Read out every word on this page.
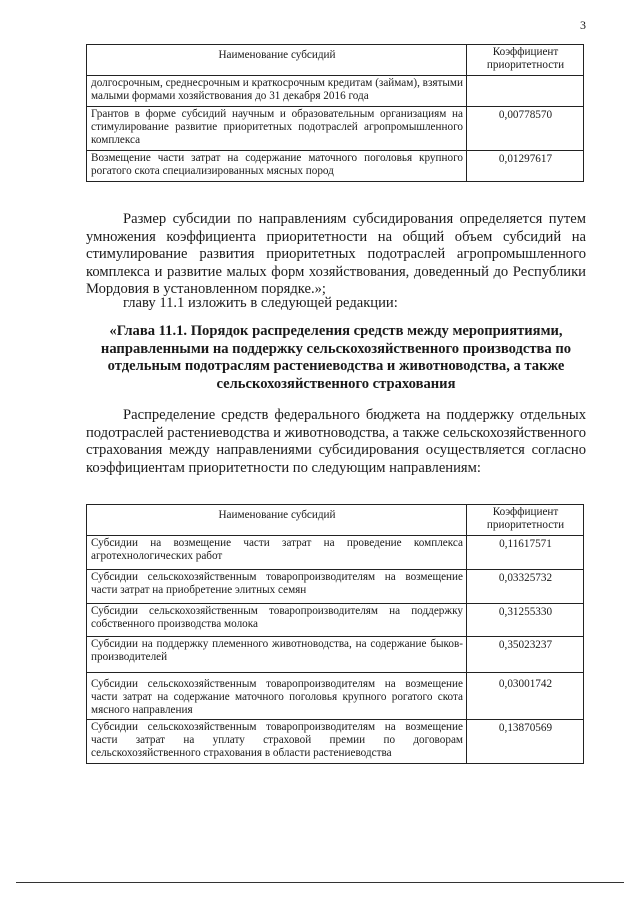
3
Наименование субсидий	Коэффициент приоритетности
долгосрочным, среднесрочным и краткосрочным кредитам (займам), взятыми малыми формами хозяйствования до 31 декабря 2016 года	
Грантов в форме субсидий научным и образовательным организациям на стимулирование развитие приоритетных подотраслей агропромышленного комплекса	0,00778570
Возмещение части затрат на содержание маточного поголовья крупного рогатого скота специализированных мясных пород	0,01297617

Размер субсидии по направлениям субсидирования определяется путем умножения коэффициента приоритетности на общий объем субсидий на стимулирование развития приоритетных подотраслей агропромышленного комплекса и развитие малых форм хозяйствования, доведенный до Республики Мордовия в установленном порядке.»;

главу 11.1 изложить в следующей редакции:

«Глава 11.1. Порядок распределения средств между мероприятиями, направленными на поддержку сельскохозяйственного производства по отдельным подотраслям растениеводства и животноводства, а также сельскохозяйственного страхования

Распределение средств федерального бюджета на поддержку отдельных подотраслей растениеводства и животноводства, а также сельскохозяйственного страхования между направлениями субсидирования осуществляется согласно коэффициентам приоритетности по следующим направлениям:

Наименование субсидий	Коэффициент приоритетности
Субсидии на возмещение части затрат на проведение комплекса агротехнологических работ	0,11617571
Субсидии сельскохозяйственным товаропроизводителям на возмещение части затрат на приобретение элитных семян	0,03325732
Субсидии сельскохозяйственным товаропроизводителям на поддержку собственного производства молока	0,31255330
Субсидии на поддержку племенного животноводства, на содержание быков-производителей	0,35023237
Субсидии сельскохозяйственным товаропроизводителям на возмещение части затрат на содержание маточного поголовья крупного рогатого скота мясного направления	0,03001742
Субсидии сельскохозяйственным товаропроизводителям на возмещение части затрат на уплату страховой премии по договорам сельскохозяйственного страхования в области растениеводства	0,13870569
